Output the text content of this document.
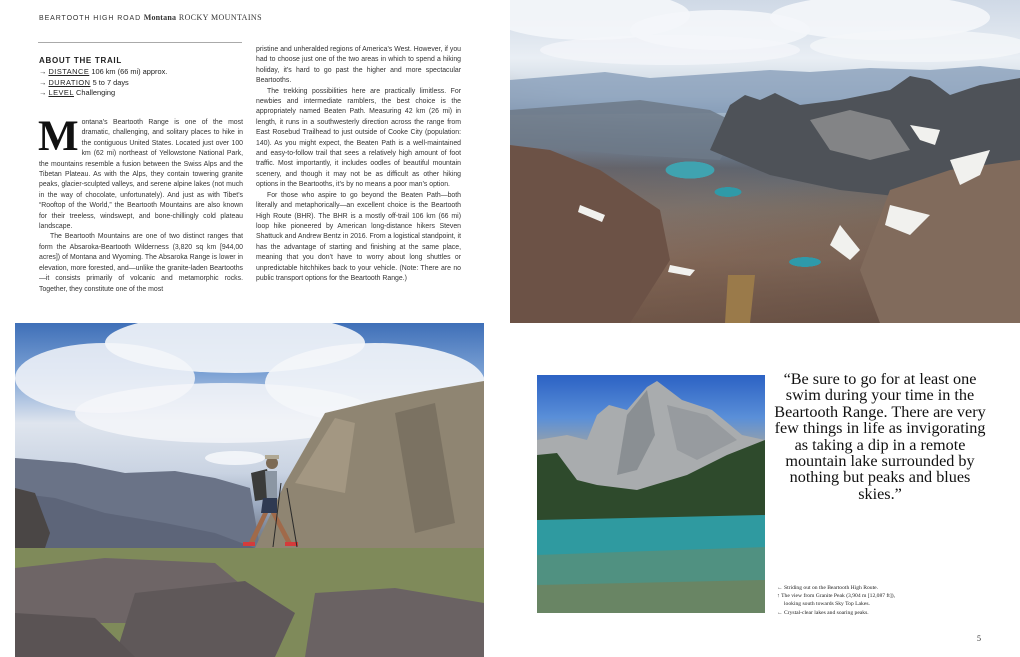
BEARTOOTH HIGH ROAD Montana ROCKY MOUNTAINS
ABOUT THE TRAIL
→ DISTANCE 106 km (66 mi) approx.
→ DURATION 5 to 7 days
→ LEVEL Challenging

Montana’s Beartooth Range is one of the most dramatic, challenging, and solitary places to hike in the contiguous United States. Located just over 100 km (62 mi) northeast of Yellowstone National Park, the mountains resemble a fusion between the Swiss Alps and the Tibetan Plateau. As with the Alps, they contain towering granite peaks, glacier-sculpted valleys, and serene alpine lakes (not much in the way of chocolate, unfortunately). And just as with Tibet’s “Rooftop of the World,” the Beartooth Mountains are also known for their treeless, windswept, and bone-chillingly cold plateau landscape.

The Beartooth Mountains are one of two distinct ranges that form the Absaroka-Beartooth Wilderness (3,820 sq km [944,00 acres]) of Montana and Wyoming. The Absaroka Range is lower in elevation, more forested, and—unlike the granite-laden Beartooths—it consists primarily of volcanic and metamorphic rocks. Together, they constitute one of the most

pristine and unheralded regions of America’s West. However, if you had to choose just one of the two areas in which to spend a hiking holiday, it’s hard to go past the higher and more spectacular Beartooths.

The trekking possibilities here are practically limitless. For newbies and intermediate ramblers, the best choice is the appropriately named Beaten Path. Measuring 42 km (26 mi) in length, it runs in a southwesterly direction across the range from East Rosebud Trailhead to just outside of Cooke City (population: 140). As you might expect, the Beaten Path is a well-maintained and easy-to-follow trail that sees a relatively high amount of foot traffic. Most importantly, it includes oodles of beautiful mountain scenery, and though it may not be as difficult as other hiking options in the Beartooths, it’s by no means a poor man’s option.

For those who aspire to go beyond the Beaten Path—both literally and metaphorically—an excellent choice is the Beartooth High Route (BHR). The BHR is a mostly off-trail 106 km (66 mi) loop hike pioneered by American long-distance hikers Steven Shattuck and Andrew Bentz in 2016. From a logistical standpoint, it has the advantage of starting and finishing at the same place, meaning that you don’t have to worry about long shuttles or unpredictable hitchhikes back to your vehicle. (Note: There are no public transport options for the Beartooth Range.)

“Be sure to go for at least one swim during your time in the Beartooth Range. There are very few things in life as invigorating as taking a dip in a remote mountain lake surrounded by nothing but peaks and blues skies.”
← Striding out on the Beartooth High Route.
↑ The view from Granite Peak (3,904 m [12,087 ft]),
looking south towards Sky Top Lakes.
← Crystal-clear lakes and soaring peaks.
5
